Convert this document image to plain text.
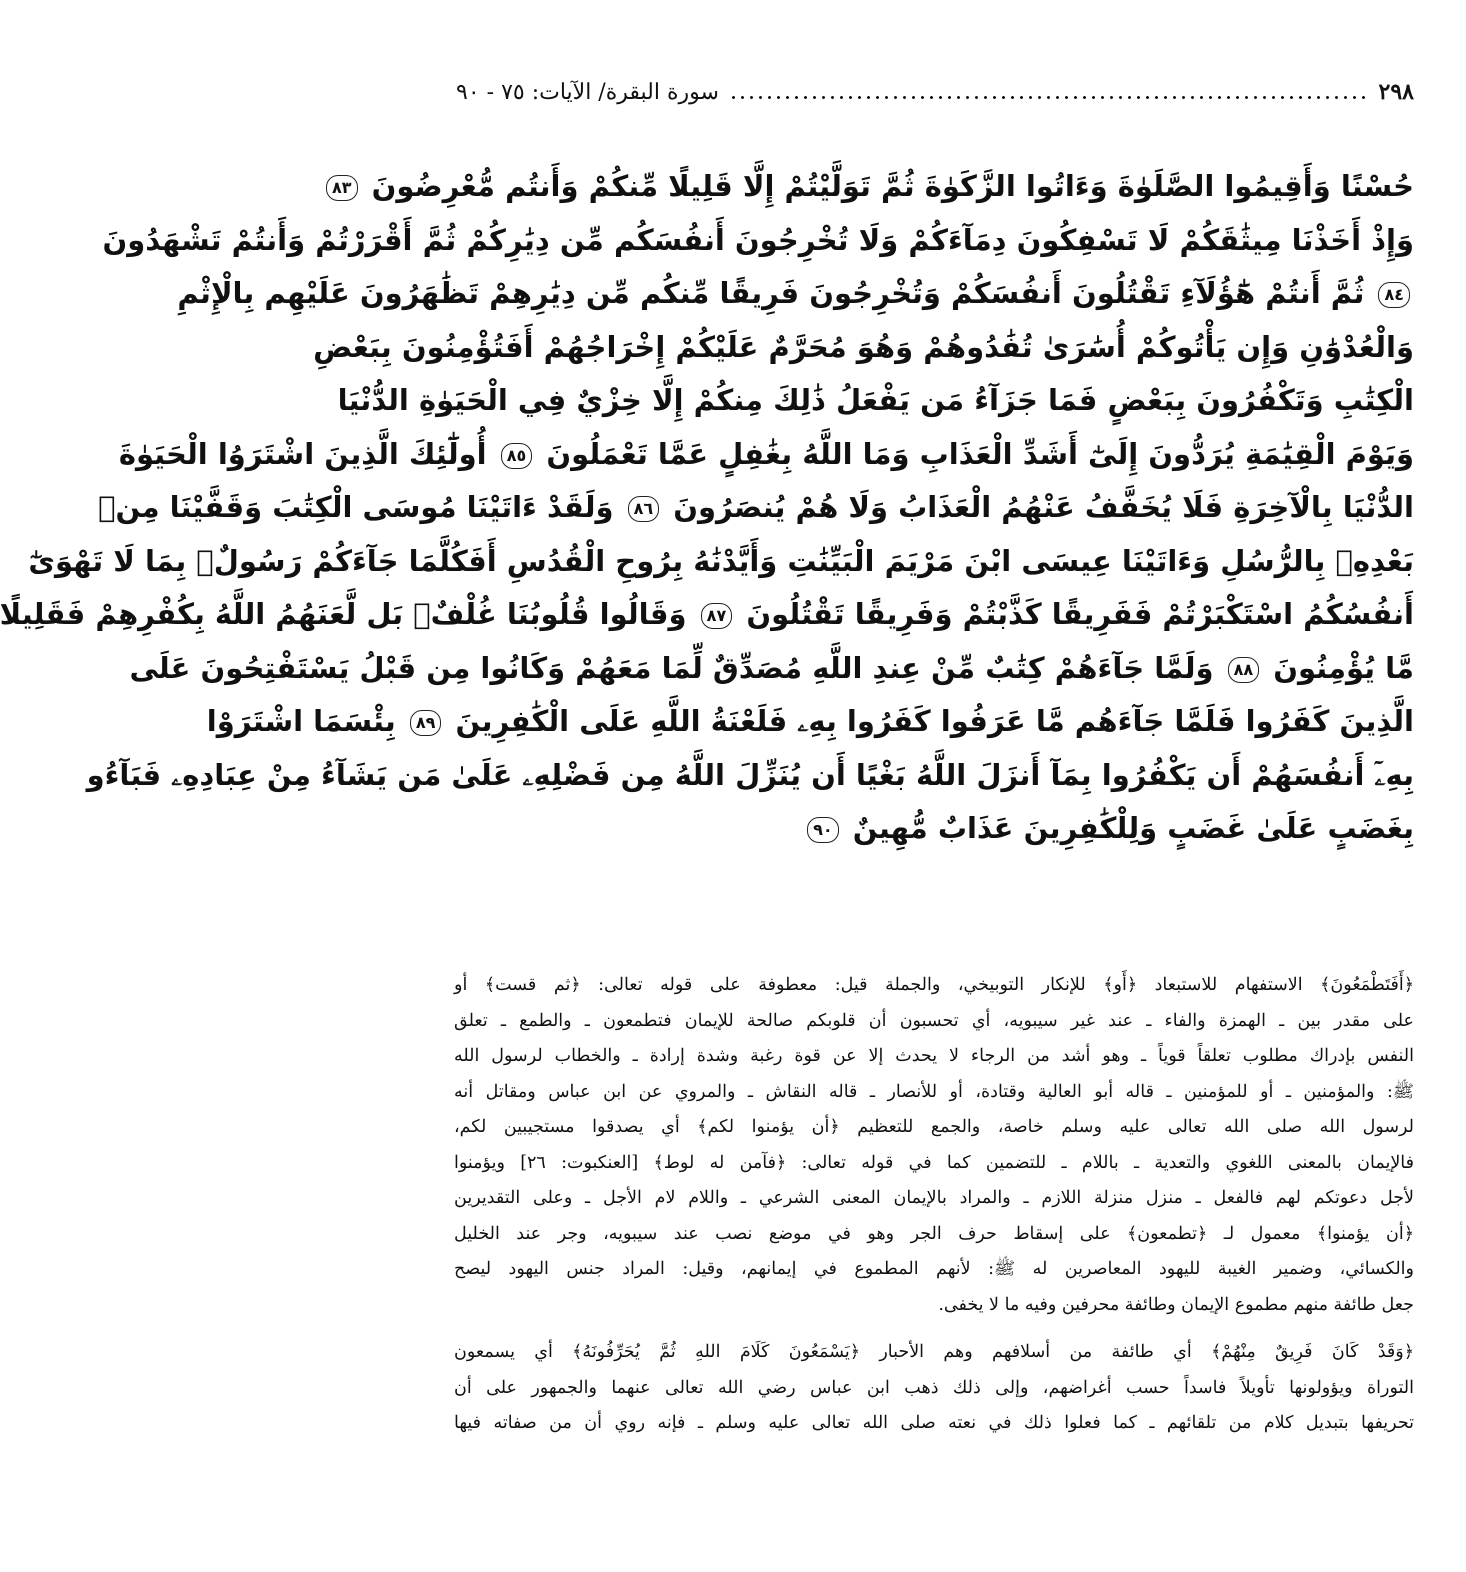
٢٩٨
سورة البقرة/ الآيات: ٧٥ - ٩٠
حُسْنًا وَأَقِيمُوا الصَّلَوٰةَ وَءَاتُوا الزَّكَوٰةَ ثُمَّ تَوَلَّيْتُمْ إِلَّا قَلِيلًا مِّنكُمْ وَأَنتُم مُّعْرِضُونَ ٨٣
وَإِذْ أَخَذْنَا مِيثَٰقَكُمْ لَا تَسْفِكُونَ دِمَآءَكُمْ وَلَا تُخْرِجُونَ أَنفُسَكُم مِّن دِيَٰرِكُمْ ثُمَّ أَقْرَرْتُمْ وَأَنتُمْ تَشْهَدُونَ
٨٤ ثُمَّ أَنتُمْ هَٰٓؤُلَآءِ تَقْتُلُونَ أَنفُسَكُمْ وَتُخْرِجُونَ فَرِيقًا مِّنكُم مِّن دِيَٰرِهِمْ تَظَٰهَرُونَ عَلَيْهِم بِالْإِثْمِ
وَالْعُدْوَٰنِ وَإِن يَأْتُوكُمْ أُسَٰرَىٰ تُفَٰدُوهُمْ وَهُوَ مُحَرَّمٌ عَلَيْكُمْ إِخْرَاجُهُمْ أَفَتُؤْمِنُونَ بِبَعْضِ
الْكِتَٰبِ وَتَكْفُرُونَ بِبَعْضٍ فَمَا جَزَآءُ مَن يَفْعَلُ ذَٰلِكَ مِنكُمْ إِلَّا خِزْيٌ فِي الْحَيَوٰةِ الدُّنْيَا
وَيَوْمَ الْقِيَٰمَةِ يُرَدُّونَ إِلَىٰٓ أَشَدِّ الْعَذَابِ وَمَا اللَّهُ بِغَٰفِلٍ عَمَّا تَعْمَلُونَ ٨٥ أُولَٰٓئِكَ الَّذِينَ اشْتَرَوُا الْحَيَوٰةَ
الدُّنْيَا بِالْآخِرَةِ فَلَا يُخَفَّفُ عَنْهُمُ الْعَذَابُ وَلَا هُمْ يُنصَرُونَ ٨٦ وَلَقَدْ ءَاتَيْنَا مُوسَى الْكِتَٰبَ وَقَفَّيْنَا مِنۢ
بَعْدِهِۦ بِالرُّسُلِ وَءَاتَيْنَا عِيسَى ابْنَ مَرْيَمَ الْبَيِّنَٰتِ وَأَيَّدْنَٰهُ بِرُوحِ الْقُدُسِ أَفَكُلَّمَا جَآءَكُمْ رَسُولٌۢ بِمَا لَا تَهْوَىٰٓ
أَنفُسُكُمُ اسْتَكْبَرْتُمْ فَفَرِيقًا كَذَّبْتُمْ وَفَرِيقًا تَقْتُلُونَ ٨٧ وَقَالُوا قُلُوبُنَا غُلْفٌۢ بَل لَّعَنَهُمُ اللَّهُ بِكُفْرِهِمْ فَقَلِيلًا
مَّا يُؤْمِنُونَ ٨٨ وَلَمَّا جَآءَهُمْ كِتَٰبٌ مِّنْ عِندِ اللَّهِ مُصَدِّقٌ لِّمَا مَعَهُمْ وَكَانُوا مِن قَبْلُ يَسْتَفْتِحُونَ عَلَى
الَّذِينَ كَفَرُوا فَلَمَّا جَآءَهُم مَّا عَرَفُوا كَفَرُوا بِهِۦ فَلَعْنَةُ اللَّهِ عَلَى الْكَٰفِرِينَ ٨٩ بِئْسَمَا اشْتَرَوْا
بِهِۦٓ أَنفُسَهُمْ أَن يَكْفُرُوا بِمَآ أَنزَلَ اللَّهُ بَغْيًا أَن يُنَزِّلَ اللَّهُ مِن فَضْلِهِۦ عَلَىٰ مَن يَشَآءُ مِنْ عِبَادِهِۦ فَبَآءُو
بِغَضَبٍ عَلَىٰ غَضَبٍ وَلِلْكَٰفِرِينَ عَذَابٌ مُّهِينٌ ٩٠
﴿أَفَتَطْمَعُونَ﴾ الاستفهام للاستبعاد ﴿أَو﴾ للإنكار التوبيخي، والجملة قيل: معطوفة على قوله تعالى: ﴿ثم قست﴾ أو
على مقدر بين ـ الهمزة والفاء ـ عند غير سيبويه، أي تحسبون أن قلوبكم صالحة للإيمان فتطمعون ـ والطمع ـ تعلق
النفس بإدراك مطلوب تعلقاً قوياً ـ وهو أشد من الرجاء لا يحدث إلا عن قوة رغبة وشدة إرادة ـ والخطاب لرسول الله
ﷺ: والمؤمنين ـ أو للمؤمنين ـ قاله أبو العالية وقتادة، أو للأنصار ـ قاله النقاش ـ والمروي عن ابن عباس ومقاتل أنه
لرسول الله صلى الله تعالى عليه وسلم خاصة، والجمع للتعظيم ﴿أن يؤمنوا لكم﴾ أي يصدقوا مستجيبين لكم،
فالإيمان بالمعنى اللغوي والتعدية ـ باللام ـ للتضمين كما في قوله تعالى: ﴿فآمن له لوط﴾ [العنكبوت: ٢٦] ويؤمنوا
لأجل دعوتكم لهم فالفعل ـ منزل منزلة اللازم ـ والمراد بالإيمان المعنى الشرعي ـ واللام لام الأجل ـ وعلى التقديرين
﴿أن يؤمنوا﴾ معمول لـ ﴿تطمعون﴾ على إسقاط حرف الجر وهو في موضع نصب عند سيبويه، وجر عند الخليل
والكسائي، وضمير الغيبة لليهود المعاصرين له ﷺ: لأنهم المطموع في إيمانهم، وقيل: المراد جنس اليهود ليصح
جعل طائفة منهم مطموع الإيمان وطائفة محرفين وفيه ما لا يخفى.
﴿وَقَدْ كَانَ فَرِيقٌ مِنْهُمْ﴾ أي طائفة من أسلافهم وهم الأحبار ﴿يَسْمَعُونَ كَلَامَ اللهِ ثُمَّ يُحَرِّفُونَهُ﴾ أي يسمعون
التوراة ويؤولونها تأويلاً فاسداً حسب أغراضهم، وإلى ذلك ذهب ابن عباس رضي الله تعالى عنهما والجمهور على أن
تحريفها بتبديل كلام من تلقائهم ـ كما فعلوا ذلك في نعته صلى الله تعالى عليه وسلم ـ فإنه روي أن من صفاته فيها
